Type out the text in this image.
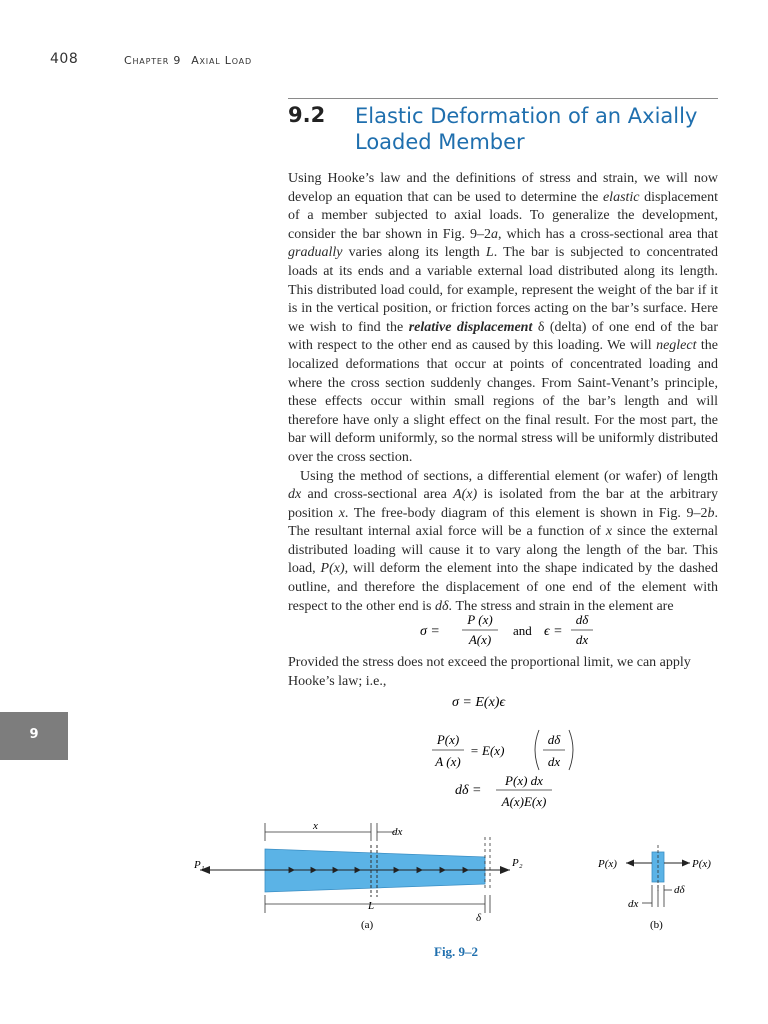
408	Chapter 9 Axial Load
9.2 Elastic Deformation of an Axially Loaded Member

Using Hooke’s law and the definitions of stress and strain, we will now develop an equation that can be used to determine the elastic displacement of a member subjected to axial loads. To generalize the development, consider the bar shown in Fig. 9–2a, which has a cross-sectional area that gradually varies along its length L. The bar is subjected to concentrated loads at its ends and a variable external load distributed along its length. This distributed load could, for example, represent the weight of the bar if it is in the vertical position, or friction forces acting on the bar’s surface. Here we wish to find the relative displacement δ (delta) of one end of the bar with respect to the other end as caused by this loading. We will neglect the localized deformations that occur at points of concentrated loading and where the cross section suddenly changes. From Saint-Venant’s principle, these effects occur within small regions of the bar’s length and will therefore have only a slight effect on the final result. For the most part, the bar will deform uniformly, so the normal stress will be uniformly distributed over the cross section.

Using the method of sections, a differential element (or wafer) of length dx and cross-sectional area A(x) is isolated from the bar at the arbitrary position x. The free-body diagram of this element is shown in Fig. 9–2b. The resultant internal axial force will be a function of x since the external distributed loading will cause it to vary along the length of the bar. This load, P(x), will deform the element into the shape indicated by the dashed outline, and therefore the displacement of one end of the element with respect to the other end is dδ. The stress and strain in the element are

σ =
P (x)
A(x)
and ϵ =
dδ
dx

Provided the stress does not exceed the proportional limit, we can apply Hooke’s law; i.e.,

σ = E(x)ϵ
P(x)
A (x)
= E(x)
dδ
dx
dδ =
P(x) dx
A(x)E(x)
9
P₁	P₂
x	dx
L
δ
(a)
P(x)	P(x)
dδ
dx
(b)
Fig. 9–2
